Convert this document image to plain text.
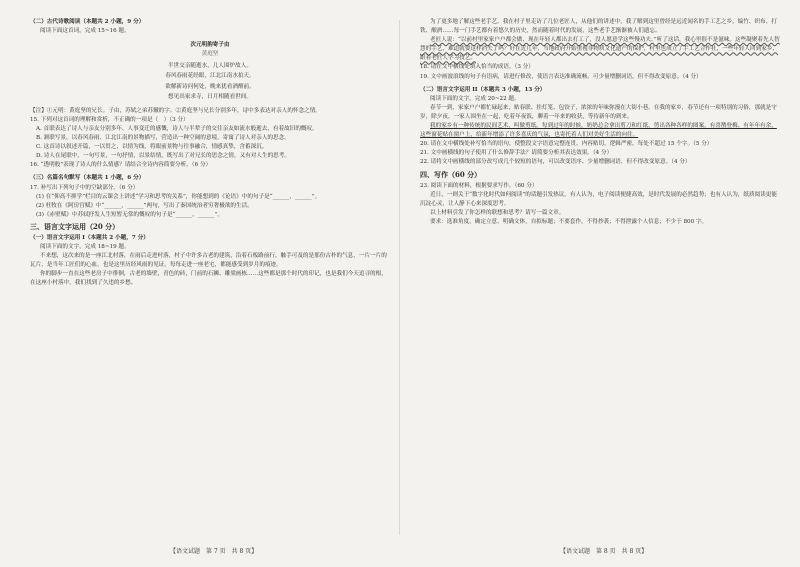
（二）古代诗歌阅读（本题共 2 小题，9 分）

阅读下面这首词，完成 15~16 题。

次元明韵寄子由
黄庭坚
半世交亲随逝水，几人围炉故人。
春风春雨花经眼，江北江南水拍天。
欲解新诗问何处，晚来犹看酒醒前。
想见出家求寺，日月相随看世间。

【注】①元明：黄庭坚的兄长。子由，苏轼之弟苏辙的字。②黄庭坚与兄长分别多年，诗中多表达对亲人的怀念之情。

15. 下列对这首词的理解和赏析，不正确的一项是（　）（3 分）

A. 首联表达了诗人与亲友分别多年、人事变迁的感慨，诗人与半辈子的交往亲友如流水般逝去，有着故旧的慨叹。

B. 颔联写景，以春风春雨、江北江南的景物描写，营造出一种空阔的意境，寄寓了诗人对亲人的思念。

C. 这首诗以叙述开篇，一以贯之，以情为线，将眼前景物与往事融合，情感真挚，含蓄深沉。

D. 诗人在尾联中，一句写景，一句抒情，以景结情，既写出了对兄长的思念之情，又有对人生的思考。

16. “透明般”表现了诗人的什么情感？请结合全诗内容简要分析。（6 分）

（三）名篇名句默写（本题共 1 小题，6 分）

17. 补写出下列句子中的空缺部分。（6 分）

(1) 在“仰高不抑学”栏目的云课会上讲述“学习和思考的关系”，你能想到的《论语》中的句子是“______，______”。

(2) 杜牧在《阿房宫赋》中“______，______”两句，写出了秦国统治者穷奢极欲的生活。

(3)《赤壁赋》中苏轼抒发人生短暂无常的慨叹的句子是“______，______”。

三、语言文字运用（20 分）
（一）语言文字运用 I（本题共 2 小题，7 分）

阅读下面的文字，完成 18~19 题。

不来想，这次来的是一座江北村落，在雨后走进村落，村子中许多古老的建筑，沿着石板路前行，触手可及的是那份古朴的气息，一片一片的瓦片，是当年工匠们的心血，也是这里历经风雨的见证。每每走进一座老宅，都能感受到岁月的痕迹。

你的脚步一直在这些老房子中徘徊，古老的墙壁，青色的砖，门前的石狮、雕梁画栋……这些都是那个时代的印记，也是我们今天追寻的根，在这座小村落中，我们找到了久违的乡愁。

为了更多地了解这些老手艺，我在村子里走访了几位老匠人，从他们的讲述中，我了解到这里曾经是远近闻名的手工艺之乡，编竹、织布、打铁、酿酒……每一门手艺都有着悠久的历史，然而随着时代的发展，这些老手艺渐渐被人们遗忘。

老匠人说：“以前村里家家户户都会做，现在年轻人都出去打工了，没人愿意学这些慢功夫。”听了这话，我心里很不是滋味。这些凝聚着先人智慧的手艺，难道就要这样消失了吗？好在近几年，当地政府开始重视非物质文化遗产的保护，村里也成立了手工艺合作社，一些年轻人回到家乡，跟着老匠人学习技艺。

18. 请在文中横线处填入恰当的成语。（3 分）

19. 文中画波浪线的句子有语病，请进行修改，使语言表达准确流畅。可少量增删词语，但不得改变原意。（4 分）

（二）语言文字运用 II（本题共 3 小题，13 分）

阅读下面的文字，完成 20~22 题。

春节一到，家家户户都忙碌起来，贴春联、挂灯笼、包饺子，浓浓的年味弥漫在大街小巷。在我的家乡，春节还有一项特别的习俗，那就是守岁，除夕夜，一家人围坐在一起，吃着年夜饭，聊着一年来的收获，等待新年的到来。

我的家乡有一种传统的民间艺术，叫做剪纸。每到过年的时候，奶奶总会拿出剪刀和红纸，剪出各种各样的图案，有喜鹊登梅、有年年有余，这些窗花贴在窗户上，给新年增添了许多喜庆的气氛，也寄托着人们对美好生活的向往。

20. 请在文中横线处补写恰当的语句，使整段文字语意完整连贯，内容贴切，逻辑严密，每处不超过 15 个字。（5 分）

21. 文中画横线的句子使用了什么修辞手法？请简要分析其表达效果。（4 分）

22. 请将文中画横线的部分改写成几个较短的语句，可以改变语序、少量增删词语，但不得改变原意。（4 分）

四、写作（60 分）

23. 阅读下面的材料，根据要求写作。（60 分）

近日，一则关于“数字化时代如何阅读”的话题引发热议。有人认为，电子阅读便捷高效，是时代发展的必然趋势；也有人认为，纸质阅读更能沉淀心灵，让人静下心来深度思考。

以上材料引发了你怎样的联想和思考？请写一篇文章。

要求：选准角度，确定立意，明确文体，自拟标题；不要套作，不得抄袭；不得泄露个人信息；不少于 800 字。

【语文试题　第 7 页　共 8 页】	【语文试题　第 8 页　共 8 页】
